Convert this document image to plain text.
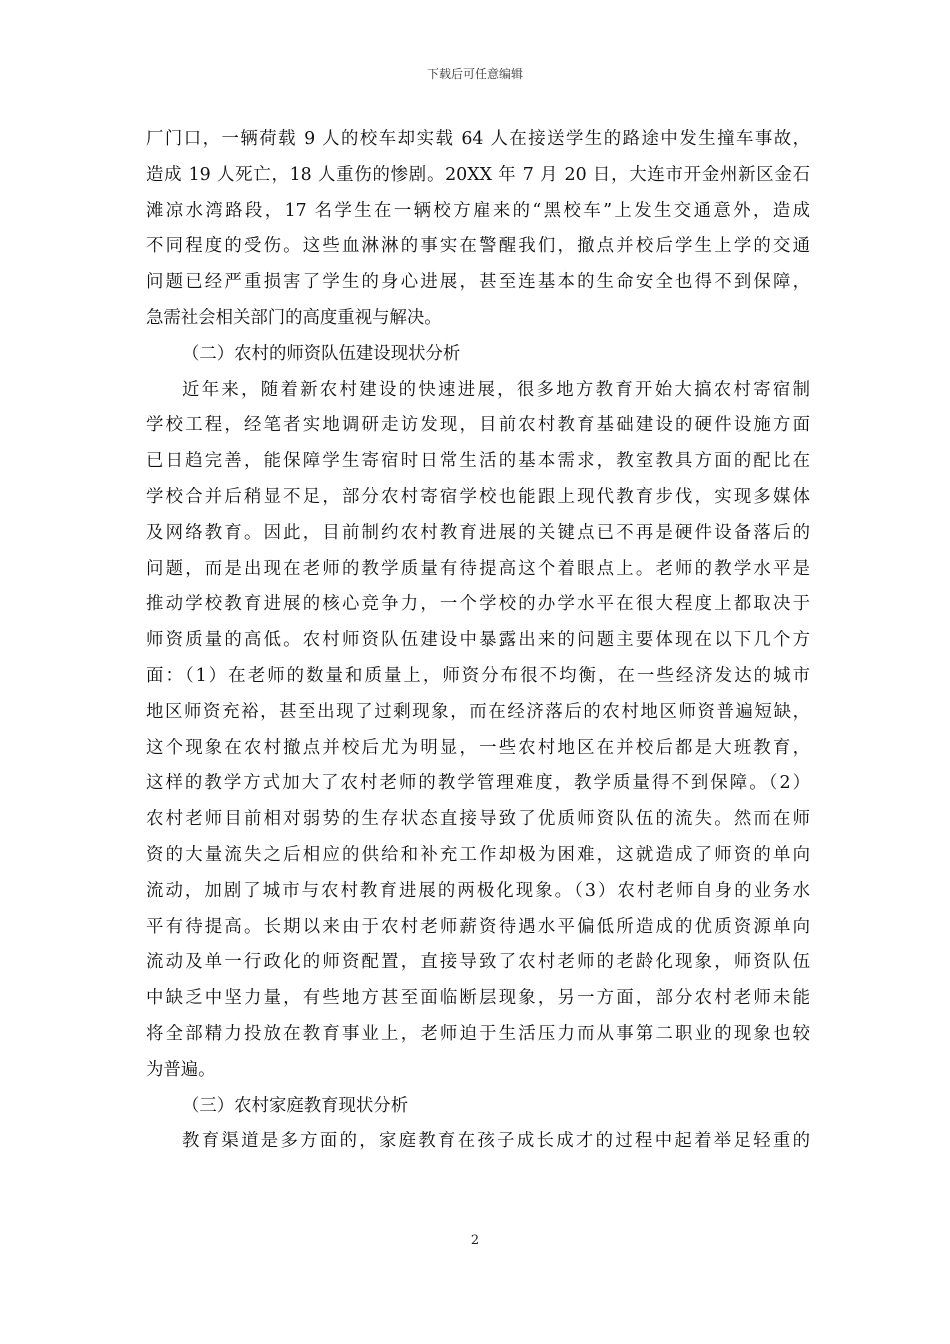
下载后可任意编辑
厂门口，一辆荷载 9 人的校车却实载 64 人在接送学生的路途中发生撞车事故，
造成 19 人死亡，18 人重伤的惨剧。20XX 年 7 月 20 日，大连市开金州新区金石
滩凉水湾路段，17 名学生在一辆校方雇来的“黑校车”上发生交通意外，造成
不同程度的受伤。这些血淋淋的事实在警醒我们，撤点并校后学生上学的交通
问题已经严重损害了学生的身心进展，甚至连基本的生命安全也得不到保障，
急需社会相关部门的高度重视与解决。
（二）农村的师资队伍建设现状分析
近年来，随着新农村建设的快速进展，很多地方教育开始大搞农村寄宿制
学校工程，经笔者实地调研走访发现，目前农村教育基础建设的硬件设施方面
已日趋完善，能保障学生寄宿时日常生活的基本需求，教室教具方面的配比在
学校合并后稍显不足，部分农村寄宿学校也能跟上现代教育步伐，实现多媒体
及网络教育。因此，目前制约农村教育进展的关键点已不再是硬件设备落后的
问题，而是出现在老师的教学质量有待提高这个着眼点上。老师的教学水平是
推动学校教育进展的核心竞争力，一个学校的办学水平在很大程度上都取决于
师资质量的高低。农村师资队伍建设中暴露出来的问题主要体现在以下几个方
面：（1）在老师的数量和质量上，师资分布很不均衡，在一些经济发达的城市
地区师资充裕，甚至出现了过剩现象，而在经济落后的农村地区师资普遍短缺，
这个现象在农村撤点并校后尤为明显，一些农村地区在并校后都是大班教育，
这样的教学方式加大了农村老师的教学管理难度，教学质量得不到保障。（2）
农村老师目前相对弱势的生存状态直接导致了优质师资队伍的流失。然而在师
资的大量流失之后相应的供给和补充工作却极为困难，这就造成了师资的单向
流动，加剧了城市与农村教育进展的两极化现象。（3）农村老师自身的业务水
平有待提高。长期以来由于农村老师薪资待遇水平偏低所造成的优质资源单向
流动及单一行政化的师资配置，直接导致了农村老师的老龄化现象，师资队伍
中缺乏中坚力量，有些地方甚至面临断层现象，另一方面，部分农村老师未能
将全部精力投放在教育事业上，老师迫于生活压力而从事第二职业的现象也较
为普遍。
（三）农村家庭教育现状分析
教育渠道是多方面的，家庭教育在孩子成长成才的过程中起着举足轻重的
2
